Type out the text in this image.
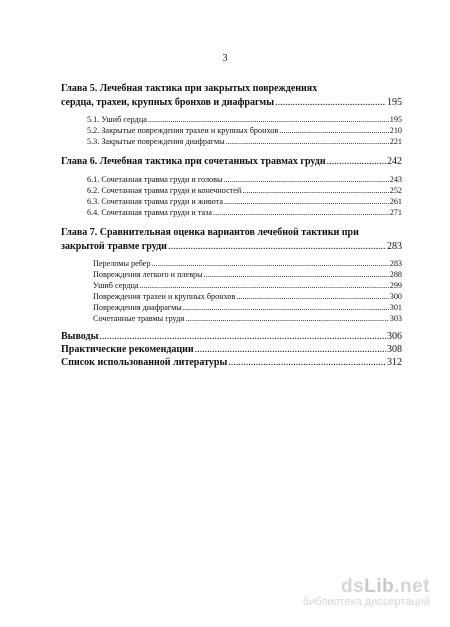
3
Глава 5. Лечебная тактика при закрытых повреждениях
сердца, трахеи, крупных бронхов и диафрагмы .....	195
5.1. Ушиб сердца .....	195
5.2. Закрытые повреждения трахеи и крупных бронхов .....	210
5.3. Закрытые повреждения диафрагмы .....	221
Глава 6. Лечебная тактика при сочетанных травмах груди .....	242
6.1. Сочетанная травма груди и головы .....	243
6.2. Сочетанная травма груди и конечностей .....	252
6.3. Сочетанная травма груди и живота .....	261
6.4. Сочетанная травма груди и таза .....	271
Глава 7. Сравнительная оценка вариантов лечебной тактики при
закрытой травме груди .....	283
Переломы ребер .....	283
Повреждения легкого и плевры .....	288
Ушиб сердца .....	299
Повреждения трахеи и крупных бронхов .....	300
Повреждения диафрагмы .....	301
Сочетанные травмы груди .....	303
Выводы .....	306
Практические рекомендации .....	308
Список использованной литературы .....	312
dsLib.net
библиотека диссертаций
